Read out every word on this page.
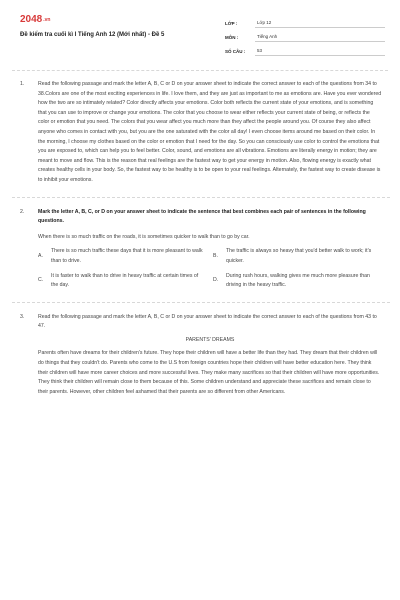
2048.vn
Đề kiểm tra cuối kì I Tiếng Anh 12 (Mới nhất) - Đề 5
LỚP :	Lớp 12
MÔN :	Tiếng Anh
SỐ CÂU :	53
1.	Read the following passage and mark the letter A, B, C or D on your answer sheet to indicate the correct answer to each of the questions from 34 to 38.Colors are one of the most exciting experiences in life. I love them, and they are just as important to me as emotions are. Have you ever wondered how the two are so intimately related? Color directly affects your emotions. Color both reflects the current state of your emotions, and is something that you can use to improve or change your emotions. The color that you choose to wear either reflects your current state of being, or reflects the color or emotion that you need. The colors that you wear affect you much more than they affect the people around you. Of course they also affect anyone who comes in contact with you, but you are the one saturated with the color all day! I even choose items around me based on their color. In the morning, I choose my clothes based on the color or emotion that I need for the day. So you can consciously use color to control the emotions that you are exposed to, which can help you to feel better. Color, sound, and emotions are all vibrations. Emotions are literally energy in motion; they are meant to move and flow. This is the reason that real feelings are the fastest way to get your energy in motion. Also, flowing energy is exactly what creates healthy cells in your body. So, the fastest way to be healthy is to be open to your real feelings. Alternately, the fastest way to create disease is to inhibit your emotions.
2.	Mark the letter A, B, C, or D on your answer sheet to indicate the sentence that best combines each pair of sentences in the following questions.
When there is so much traffic on the roads, it is sometimes quicker to walk than to go by car.
A.
There is so much traffic these days that it is more pleasant to walk than to drive.
B.
The traffic is always so heavy that you'd better walk to work; it's quicker.
C.
It is faster to walk than to drive in heavy traffic at certain times of the day.
D.
During rush hours, walking gives me much more pleasure than driving in the heavy traffic.
3.	Read the following passage and mark the letter A, B, C or D on your answer sheet to indicate the correct answer to each of the questions from 43 to 47.
PARENTS' DREAMS
Parents often have dreams for their children's future. They hope their children will have a better life than they had. They dream that their children will do things that they couldn't do. Parents who come to the U.S from foreign countries hope their children will have better education here. They think their children will have more career choices and more successful lives. They make many sacrifices so that their children will have more opportunities. They think their children will remain close to them because of this. Some children understand and appreciate these sacrifices and remain close to their parents. However, other children feel ashamed that their parents are so different from other Americans.
